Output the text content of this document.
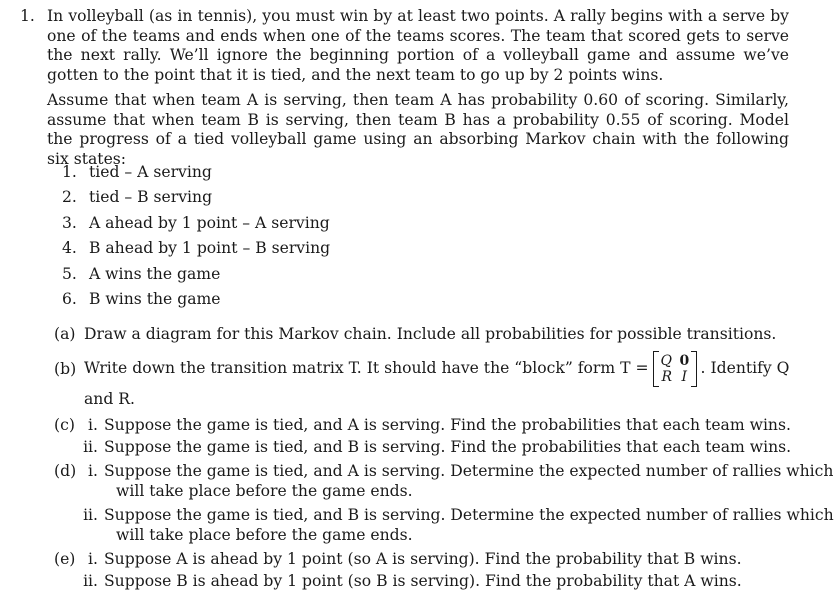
1. In volleyball (as in tennis), you must win by at least two points. A rally begins with a serve by one of the teams and ends when one of the teams scores. The team that scored gets to serve the next rally. We’ll ignore the beginning portion of a volleyball game and assume we’ve gotten to the point that it is tied, and the next team to go up by 2 points wins.

Assume that when team A is serving, then team A has probability 0.60 of scoring. Similarly, assume that when team B is serving, then team B has a probability 0.55 of scoring. Model the progress of a tied volleyball game using an absorbing Markov chain with the following six states:

1. tied – A serving
2. tied – B serving
3. A ahead by 1 point – A serving
4. B ahead by 1 point – B serving
5. A wins the game
6. B wins the game
(a) Draw a diagram for this Markov chain. Include all probabilities for possible transitions.
(b) Write down the transition matrix T. It should have the “block” form T = Q 0
R I . Identify Q
and R.
(c) i. Suppose the game is tied, and A is serving. Find the probabilities that each team wins.
ii. Suppose the game is tied, and B is serving. Find the probabilities that each team wins.
(d) i. Suppose the game is tied, and A is serving. Determine the expected number of rallies which
will take place before the game ends.
ii. Suppose the game is tied, and B is serving. Determine the expected number of rallies which
will take place before the game ends.
(e) i. Suppose A is ahead by 1 point (so A is serving). Find the probability that B wins.
ii. Suppose B is ahead by 1 point (so B is serving). Find the probability that A wins.
